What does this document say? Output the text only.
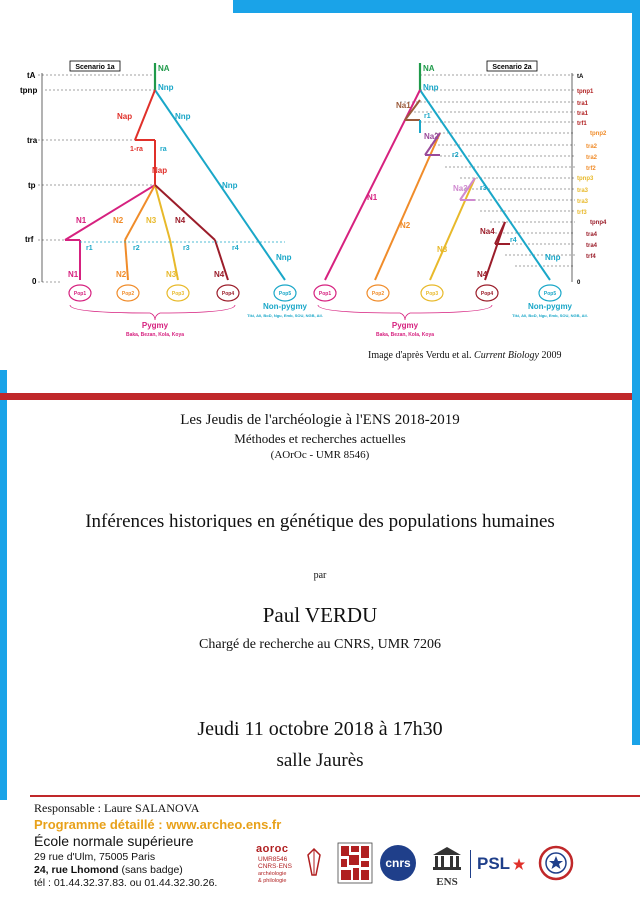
Scenario 1a
tA
tpnp
tra
tp
trf
0
NA
Nnp
Nap
1-ra ra
Nap
Nnp
Nnp
N1	N2	N3 N4
r1	r2	r3	r4
N1	N2	N3	N4
Nnp
Pop1	Pop2	Pop3	Pop4	Pop5
Pygmy
Baka, Bezan, Kola, Koya
Non-pygmy
Tiki, Ali, BoD, Ngu, Emb, SOU, NGB, Ail.
Scenario 2a
NA
Nnp
Na1
Na2
Na3
Na4
N1
N2
N3
N4
Nnp
r1
r2
r3
r4
Pop1	Pop2	Pop3	Pop4	Pop5
Pygmy
Baka, Bezan, Kola, Koya
Non-pygmy
Tiki, Ali, BoD, Ngu, Emb, SOU, NGB, Ail.
tA
tpnp1
tra1
tra1
trf1
tpnp2
tra2
tra2
trf2
tpnp3
tra3
tra3
trf3
tpnp4
tra4
tra4
trf4
0
Image d'après Verdu et al. Current Biology 2009
Les Jeudis de l'archéologie à l'ENS 2018-2019
Méthodes et recherches actuelles
(AOrOc - UMR 8546)
Inférences historiques en génétique des populations humaines
par
Paul VERDU
Chargé de recherche au CNRS, UMR 7206
Jeudi 11 octobre 2018 à 17h30
salle Jaurès
Responsable : Laure SALANOVA
Programme détaillé : www.archeo.ens.fr
École normale supérieure
29 rue d'Ulm, 75005 Paris
24, rue Lhomond (sans badge)
tél : 01.44.32.37.83. ou 01.44.32.30.26.
aoroc
UMR8546
CNRS·ENS
archéologie
& philologie
cnrs
ENS
PSL
